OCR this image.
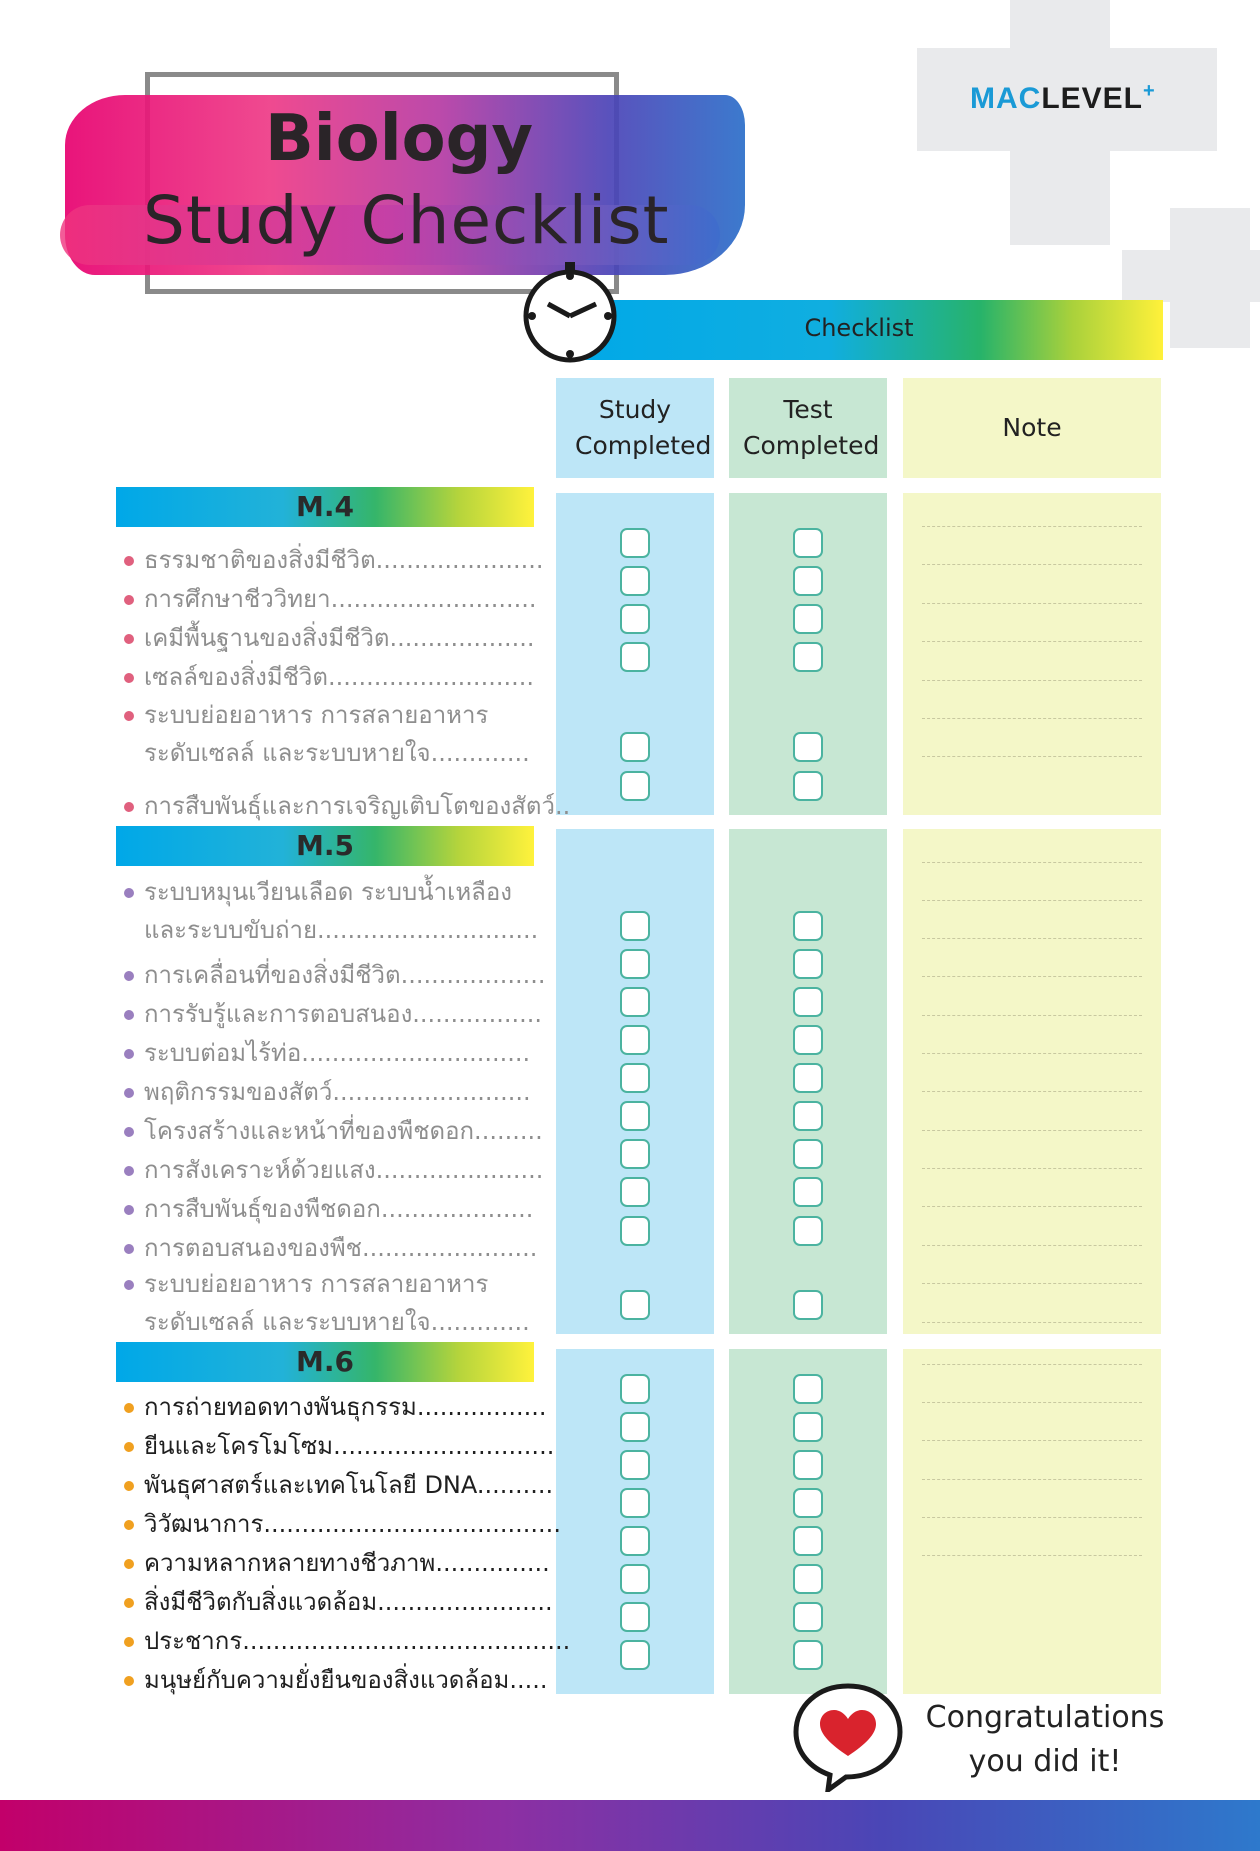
MACLEVEL+
Biology
Study Checklist
Checklist
Study Completed
Test Completed
Note
M.4
M.5
M.6
ธรรมชาติของสิ่งมีชีวิต......................
การศึกษาชีววิทยา...........................
เคมีพื้นฐานของสิ่งมีชีวิต...................
เซลล์ของสิ่งมีชีวิต...........................
ระบบย่อยอาหาร การสลายอาหาร
ระดับเซลล์ และระบบหายใจ.............
การสืบพันธุ์และการเจริญเติบโตของสัตว์..
ระบบหมุนเวียนเลือด ระบบน้ำเหลือง
และระบบขับถ่าย.............................
การเคลื่อนที่ของสิ่งมีชีวิต...................
การรับรู้และการตอบสนอง.................
ระบบต่อมไร้ท่อ..............................
พฤติกรรมของสัตว์..........................
โครงสร้างและหน้าที่ของพืชดอก.........
การสังเคราะห์ด้วยแสง......................
การสืบพันธุ์ของพืชดอก....................
การตอบสนองของพืช.......................
ระบบย่อยอาหาร การสลายอาหาร
ระดับเซลล์ และระบบหายใจ.............
การถ่ายทอดทางพันธุกรรม.................
ยีนและโครโมโซม.............................
พันธุศาสตร์และเทคโนโลยี DNA..........
วิวัฒนาการ.......................................
ความหลากหลายทางชีวภาพ...............
สิ่งมีชีวิตกับสิ่งแวดล้อม.......................
ประชากร...........................................
มนุษย์กับความยั่งยืนของสิ่งแวดล้อม.....
Congratulations
you did it!
